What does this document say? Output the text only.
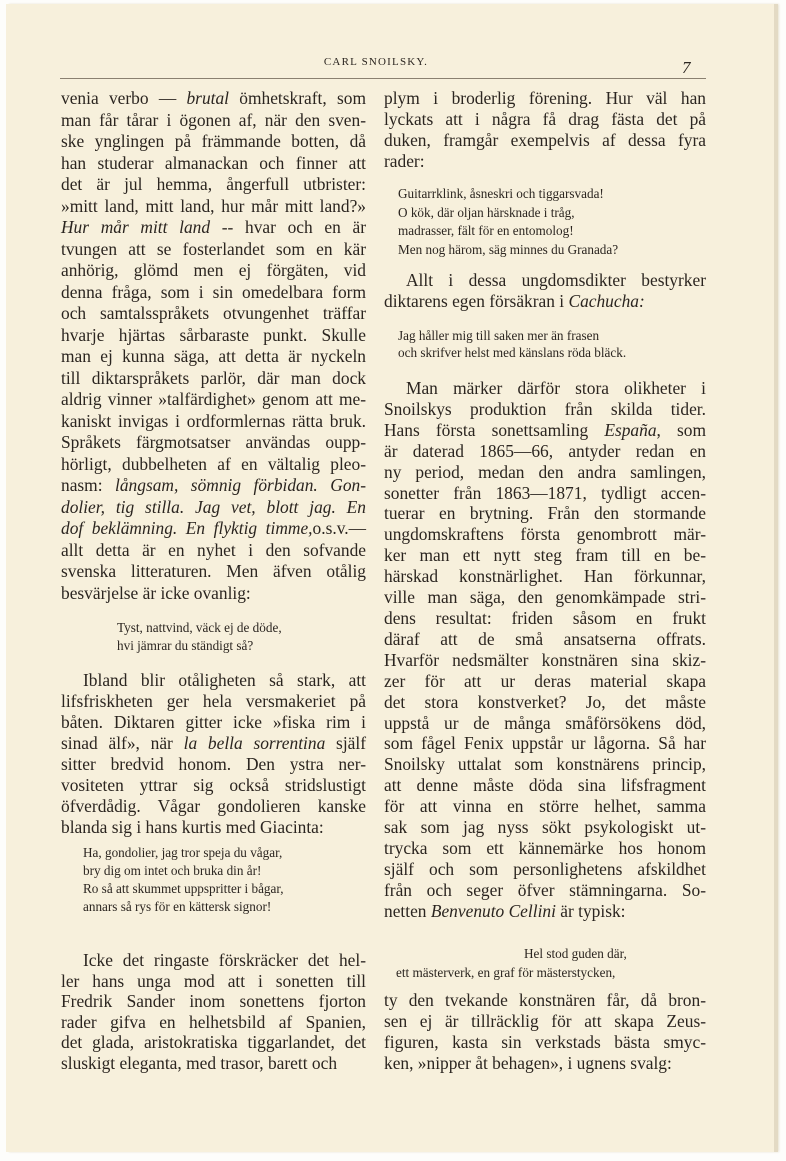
CARL SNOILSKY.	7
venia verbo — brutal ömhetskraft, som
man får tårar i ögonen af, när den sven-
ske ynglingen på främmande botten, då
han studerar almanackan och finner att
det är jul hemma, ångerfull utbrister:
»mitt land, mitt land, hur mår mitt land?»
Hur mår mitt land -- hvar och en är
tvungen att se fosterlandet som en kär
anhörig, glömd men ej förgäten, vid
denna fråga, som i sin omedelbara form
och samtalsspråkets otvungenhet träffar
hvarje hjärtas sårbaraste punkt. Skulle
man ej kunna säga, att detta är nyckeln
till diktarspråkets parlör, där man dock
aldrig vinner »talfärdighet» genom att me-
kaniskt invigas i ordformlernas rätta bruk.
Språkets färgmotsatser användas oupp-
hörligt, dubbelheten af en vältalig pleo-
nasm: långsam, sömnig förbidan. Gon-
dolier, tig stilla. Jag vet, blott jag. En
dof beklämning. En flyktig timme,o.s.v.—
allt detta är en nyhet i den sofvande
svenska litteraturen. Men äfven otålig
besvärjelse är icke ovanlig:
Tyst, nattvind, väck ej de döde,
hvi jämrar du ständigt så?
Ibland blir otåligheten så stark, att
lifsfriskheten ger hela versmakeriet på
båten. Diktaren gitter icke »fiska rim i
sinad älf», när la bella sorrentina själf
sitter bredvid honom. Den ystra ner-
vositeten yttrar sig också stridslustigt
öfverdådig. Vågar gondolieren kanske
blanda sig i hans kurtis med Giacinta:
Ha, gondolier, jag tror speja du vågar,
bry dig om intet och bruka din år!
Ro så att skummet uppspritter i bågar,
annars så rys för en kättersk signor!
Icke det ringaste förskräcker det hel-
ler hans unga mod att i sonetten till
Fredrik Sander inom sonettens fjorton
rader gifva en helhetsbild af Spanien,
det glada, aristokratiska tiggarlandet, det
sluskigt eleganta, med trasor, barett och
plym i broderlig förening. Hur väl han
lyckats att i några få drag fästa det på
duken, framgår exempelvis af dessa fyra
rader:
Guitarrklink, åsneskri och tiggarsvada!
O kök, där oljan härsknade i tråg,
madrasser, fält för en entomolog!
Men nog härom, säg minnes du Granada?
Allt i dessa ungdomsdikter bestyrker
diktarens egen försäkran i Cachucha:
Jag håller mig till saken mer än frasen
och skrifver helst med känslans röda bläck.
Man märker därför stora olikheter i
Snoilskys produktion från skilda tider.
Hans första sonettsamling España, som
är daterad 1865—66, antyder redan en
ny period, medan den andra samlingen,
sonetter från 1863—1871, tydligt accen-
tuerar en brytning. Från den stormande
ungdomskraftens första genombrott mär-
ker man ett nytt steg fram till en be-
härskad konstnärlighet. Han förkunnar,
ville man säga, den genomkämpade stri-
dens resultat: friden såsom en frukt
däraf att de små ansatserna offrats.
Hvarför nedsmälter konstnären sina skiz-
zer för att ur deras material skapa
det stora konstverket? Jo, det måste
uppstå ur de många småförsökens död,
som fågel Fenix uppstår ur lågorna. Så har
Snoilsky uttalat som konstnärens princip,
att denne måste döda sina lifsfragment
för att vinna en större helhet, samma
sak som jag nyss sökt psykologiskt ut-
trycka som ett kännemärke hos honom
själf och som personlighetens afskildhet
från och seger öfver stämningarna. So-
netten Benvenuto Cellini är typisk:
Hel stod guden där,
ett mästerverk, en graf för mästerstycken,
ty den tvekande konstnären får, då bron-
sen ej är tillräcklig för att skapa Zeus-
figuren, kasta sin verkstads bästa smyc-
ken, »nipper åt behagen», i ugnens svalg:
